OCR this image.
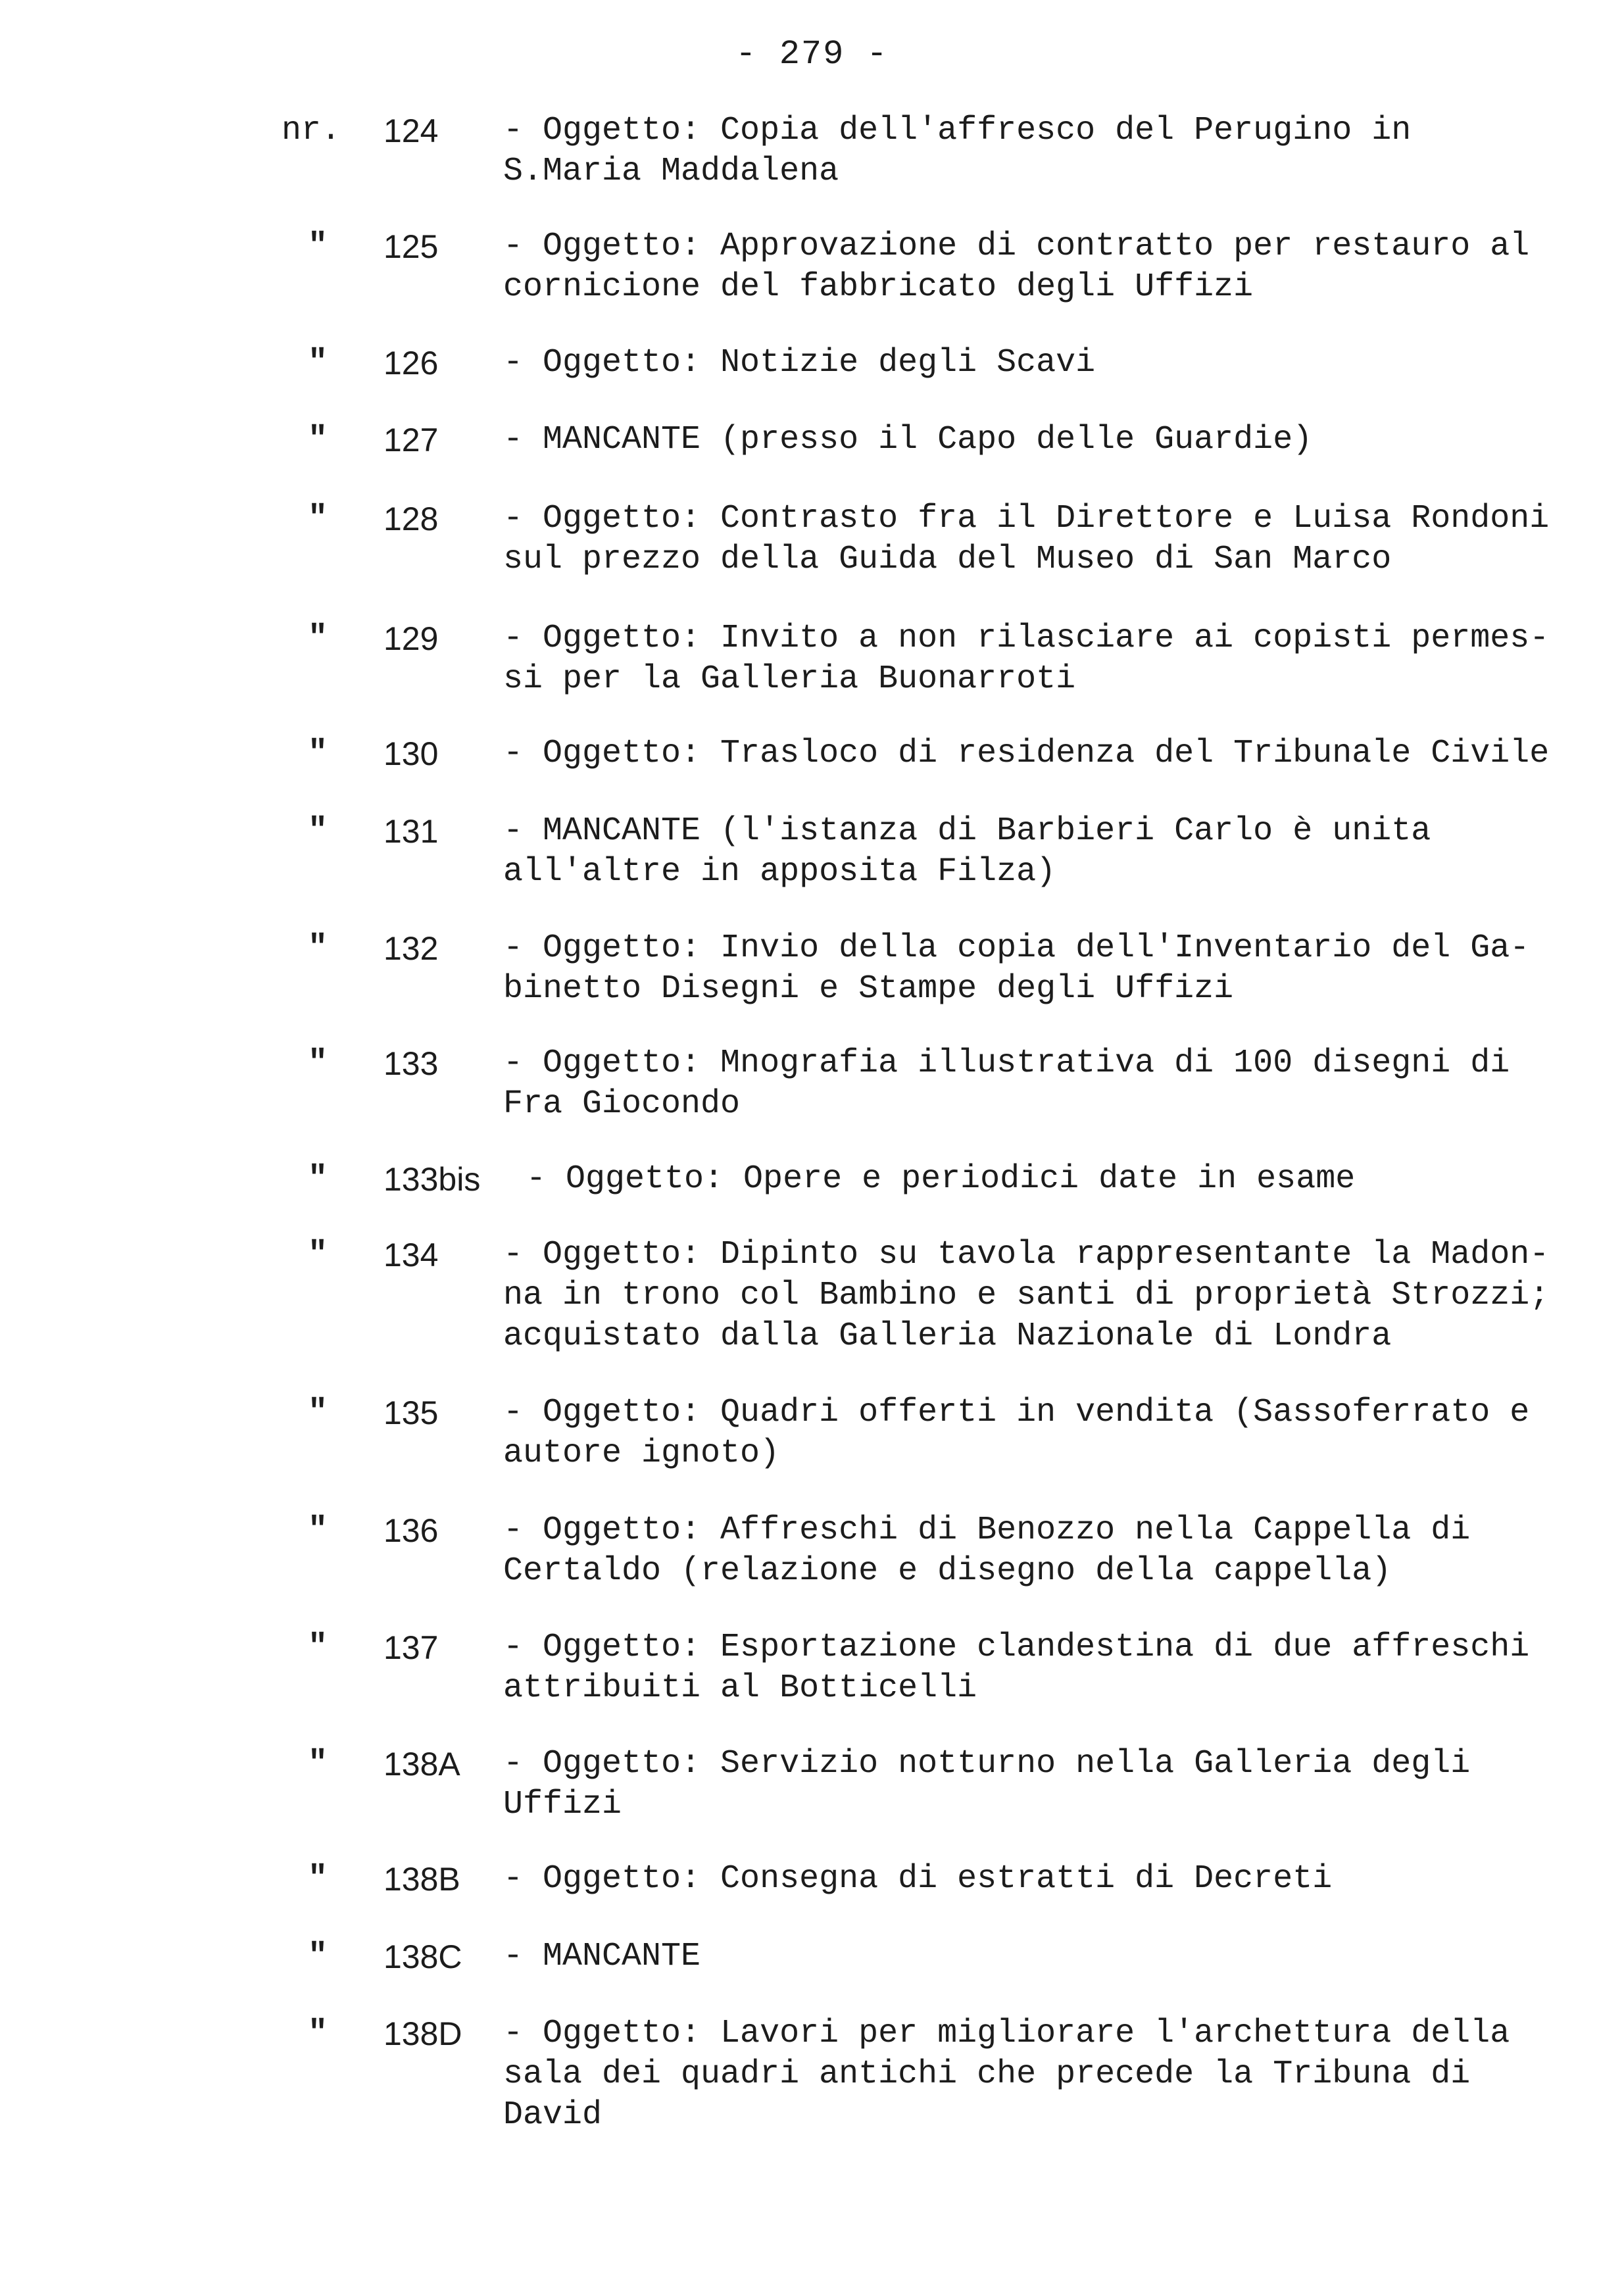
- 279 -
nr.	124	- Oggetto: Copia dell'affresco del Perugino in
S.Maria Maddalena
"	125	- Oggetto: Approvazione di contratto per restauro al
cornicione del fabbricato degli Uffizi
"	126	- Oggetto: Notizie degli Scavi
"	127	- MANCANTE (presso il Capo delle Guardie)
"	128	- Oggetto: Contrasto fra il Direttore e Luisa Rondoni
sul prezzo della Guida del Museo di San Marco
"	129	- Oggetto: Invito a non rilasciare ai copisti permes-
si per la Galleria Buonarroti
"	130	- Oggetto: Trasloco di residenza del Tribunale Civile
"	131	- MANCANTE (l'istanza di Barbieri Carlo è unita
all'altre in apposita Filza)
"	132	- Oggetto: Invio della copia dell'Inventario del Ga-
binetto Disegni e Stampe degli Uffizi
"	133	- Oggetto: Mnografia illustrativa di 100 disegni di
Fra Giocondo
"	133bis	- Oggetto: Opere e periodici date in esame
"	134	- Oggetto: Dipinto su tavola rappresentante la Madon-
na in trono col Bambino e santi di proprietà Strozzi;
acquistato dalla Galleria Nazionale di Londra
"	135	- Oggetto: Quadri offerti in vendita (Sassoferrato e
autore ignoto)
"	136	- Oggetto: Affreschi di Benozzo nella Cappella di
Certaldo (relazione e disegno della cappella)
"	137	- Oggetto: Esportazione clandestina di due affreschi
attribuiti al Botticelli
"	138A	- Oggetto: Servizio notturno nella Galleria degli
Uffizi
"	138B	- Oggetto: Consegna di estratti di Decreti
"	138C	- MANCANTE
"	138D	- Oggetto: Lavori per migliorare l'archettura della
sala dei quadri antichi che precede la Tribuna di
David
